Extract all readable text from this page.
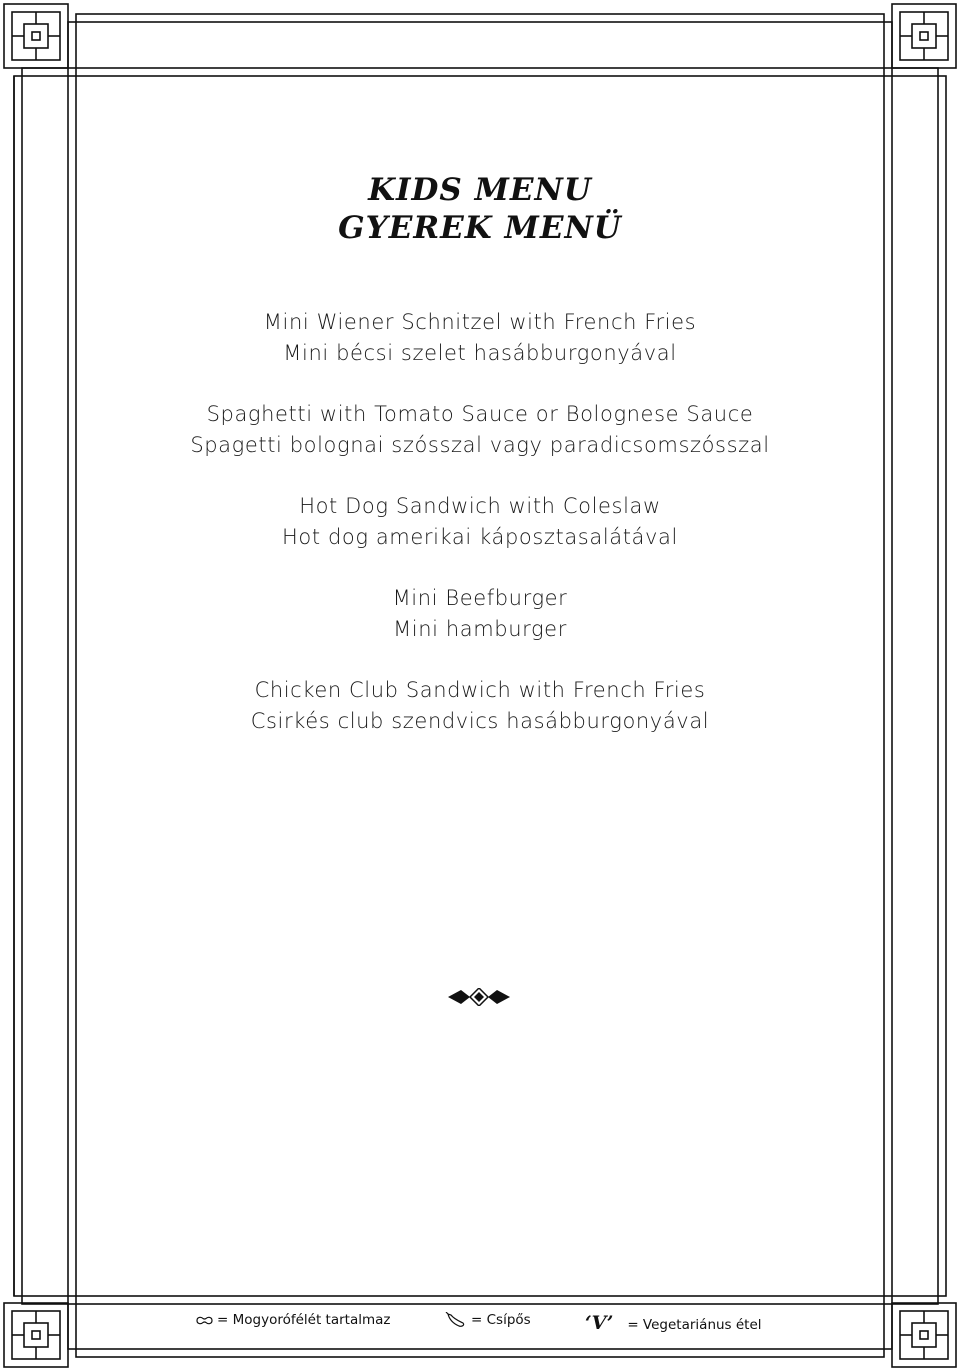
KIDS MENU
GYEREK MENÜ
Mini Wiener Schnitzel with French Fries
Mini bécsi szelet hasábburgonyával
Spaghetti with Tomato Sauce or Bolognese Sauce
Spagetti bolognai szósszal vagy paradicsomszósszal
Hot Dog Sandwich with Coleslaw
Hot dog amerikai káposztasalátával
Mini Beefburger
Mini hamburger
Chicken Club Sandwich with French Fries
Csirkés club szendvics hasábburgonyával
= Mogyorófélét tartalmaz	= Csípős	‘V’ = Vegetariánus étel
